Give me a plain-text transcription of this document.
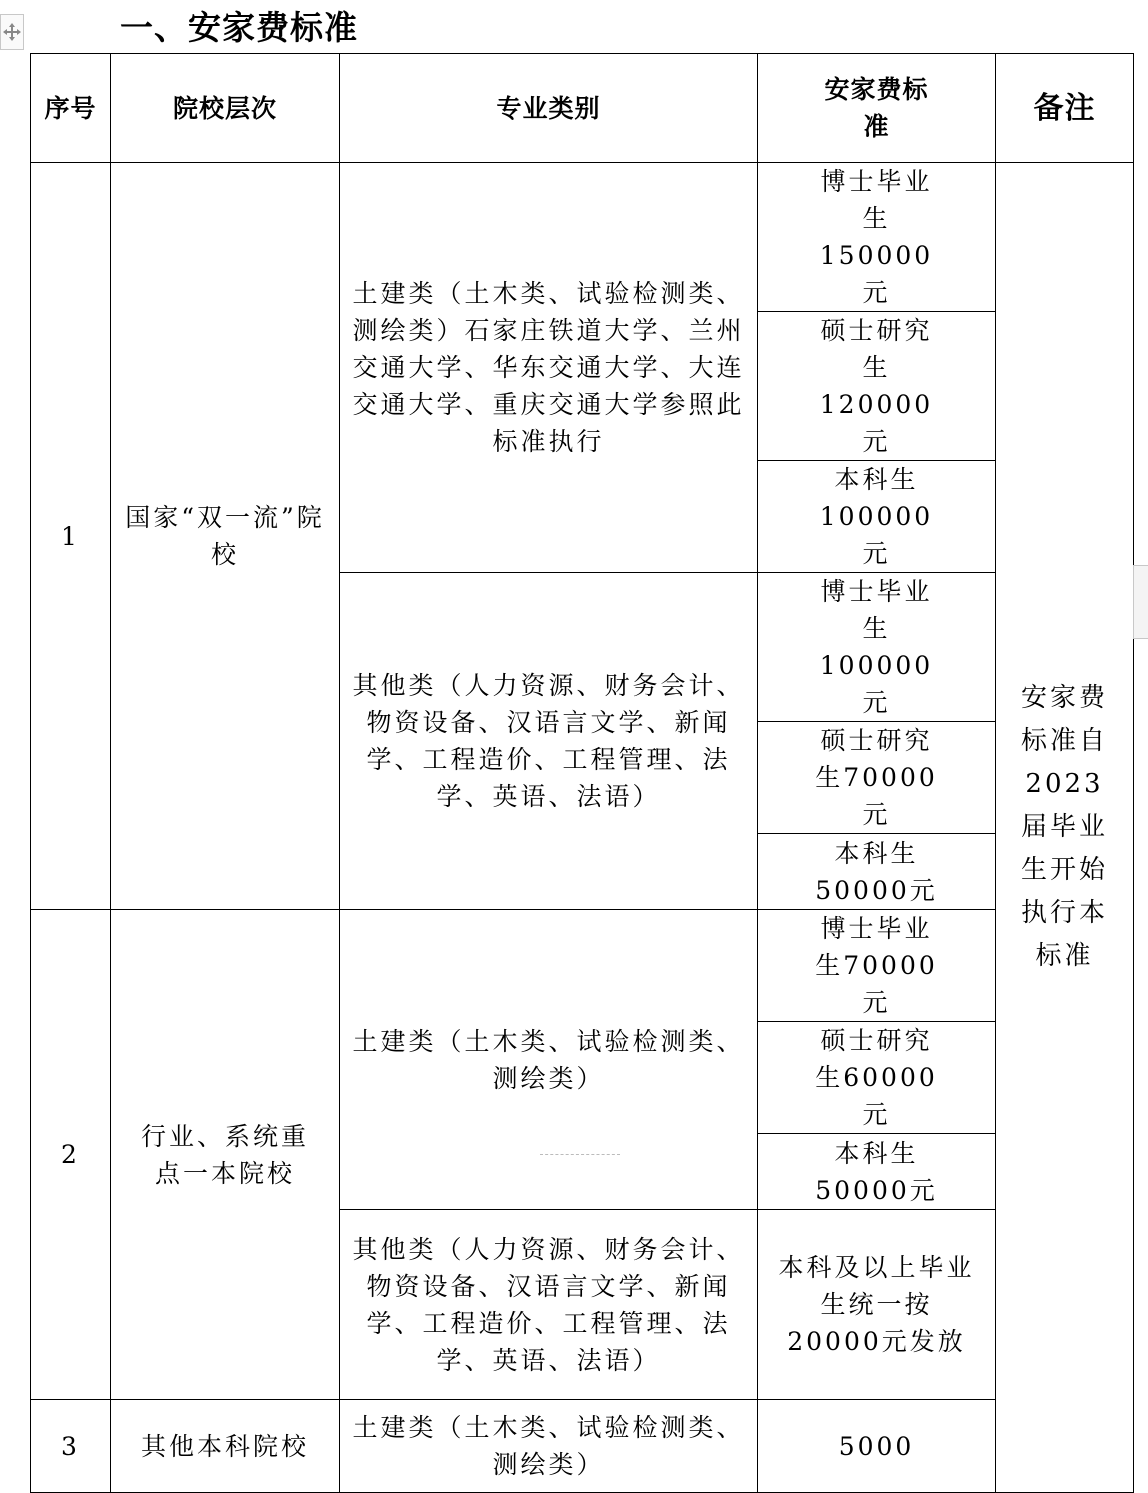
一、安家费标准
序号	院校层次	专业类别	安家费标准	备注
1	国家“双一流”院校	土建类（土木类、试验检测类、测绘类）石家庄铁道大学、兰州交通大学、华东交通大学、大连交通大学、重庆交通大学参照此标准执行	博士毕业生150000元	安家费标准自2023届毕业生开始执行本标准
			硕士研究生120000元	
			本科生100000元	
		其他类（人力资源、财务会计、物资设备、汉语言文学、新闻学、工程造价、工程管理、法学、英语、法语）	博士毕业生100000元	
			硕士研究生70000元	
			本科生50000元	
2	行业、系统重点一本院校	土建类（土木类、试验检测类、测绘类）	博士毕业生70000元	
			硕士研究生60000元	
			本科生50000元	
		其他类（人力资源、财务会计、物资设备、汉语言文学、新闻学、工程造价、工程管理、法学、英语、法语）	本科及以上毕业生统一按20000元发放	
3	其他本科院校	土建类（土木类、试验检测类、测绘类）	5000	
